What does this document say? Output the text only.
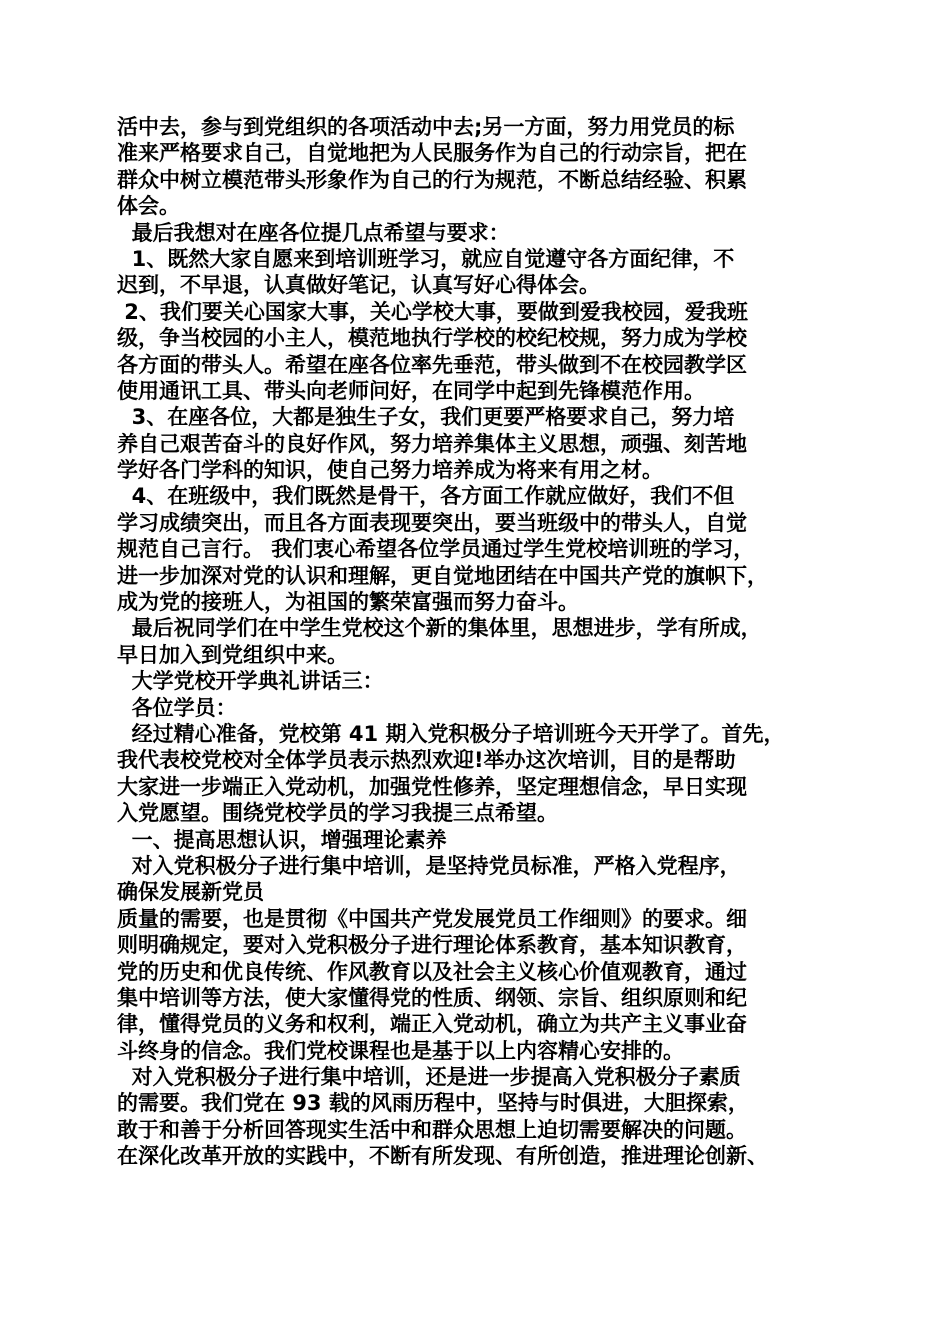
活中去，参与到党组织的各项活动中去;另一方面，努力用党员的标
准来严格要求自己，自觉地把为人民服务作为自己的行动宗旨，把在
群众中树立模范带头形象作为自己的行为规范，不断总结经验、积累
体会。
最后我想对在座各位提几点希望与要求：
1、既然大家自愿来到培训班学习，就应自觉遵守各方面纪律，不
迟到，不早退，认真做好笔记，认真写好心得体会。
2、我们要关心国家大事，关心学校大事，要做到爱我校园，爱我班
级，争当校园的小主人，模范地执行学校的校纪校规，努力成为学校
各方面的带头人。希望在座各位率先垂范，带头做到不在校园教学区
使用通讯工具、带头向老师问好，在同学中起到先锋模范作用。
3、在座各位，大都是独生子女，我们更要严格要求自己，努力培
养自己艰苦奋斗的良好作风，努力培养集体主义思想，顽强、刻苦地
学好各门学科的知识，使自己努力培养成为将来有用之材。
4、在班级中，我们既然是骨干，各方面工作就应做好，我们不但
学习成绩突出，而且各方面表现要突出，要当班级中的带头人，自觉
规范自己言行。 我们衷心希望各位学员通过学生党校培训班的学习，
进一步加深对党的认识和理解，更自觉地团结在中国共产党的旗帜下，
成为党的接班人，为祖国的繁荣富强而努力奋斗。
最后祝同学们在中学生党校这个新的集体里，思想进步，学有所成，
早日加入到党组织中来。
大学党校开学典礼讲话三：
各位学员：
经过精心准备，党校第 41 期入党积极分子培训班今天开学了。首先，
我代表校党校对全体学员表示热烈欢迎!举办这次培训，目的是帮助
大家进一步端正入党动机，加强党性修养，坚定理想信念，早日实现
入党愿望。围绕党校学员的学习我提三点希望。
一、提高思想认识，增强理论素养
对入党积极分子进行集中培训，是坚持党员标准，严格入党程序，
确保发展新党员
质量的需要，也是贯彻《中国共产党发展党员工作细则》的要求。细
则明确规定，要对入党积极分子进行理论体系教育，基本知识教育，
党的历史和优良传统、作风教育以及社会主义核心价值观教育，通过
集中培训等方法，使大家懂得党的性质、纲领、宗旨、组织原则和纪
律，懂得党员的义务和权利，端正入党动机，确立为共产主义事业奋
斗终身的信念。我们党校课程也是基于以上内容精心安排的。
对入党积极分子进行集中培训，还是进一步提高入党积极分子素质
的需要。我们党在 93 载的风雨历程中，坚持与时俱进，大胆探索，
敢于和善于分析回答现实生活中和群众思想上迫切需要解决的问题。
在深化改革开放的实践中，不断有所发现、有所创造，推进理论创新、
